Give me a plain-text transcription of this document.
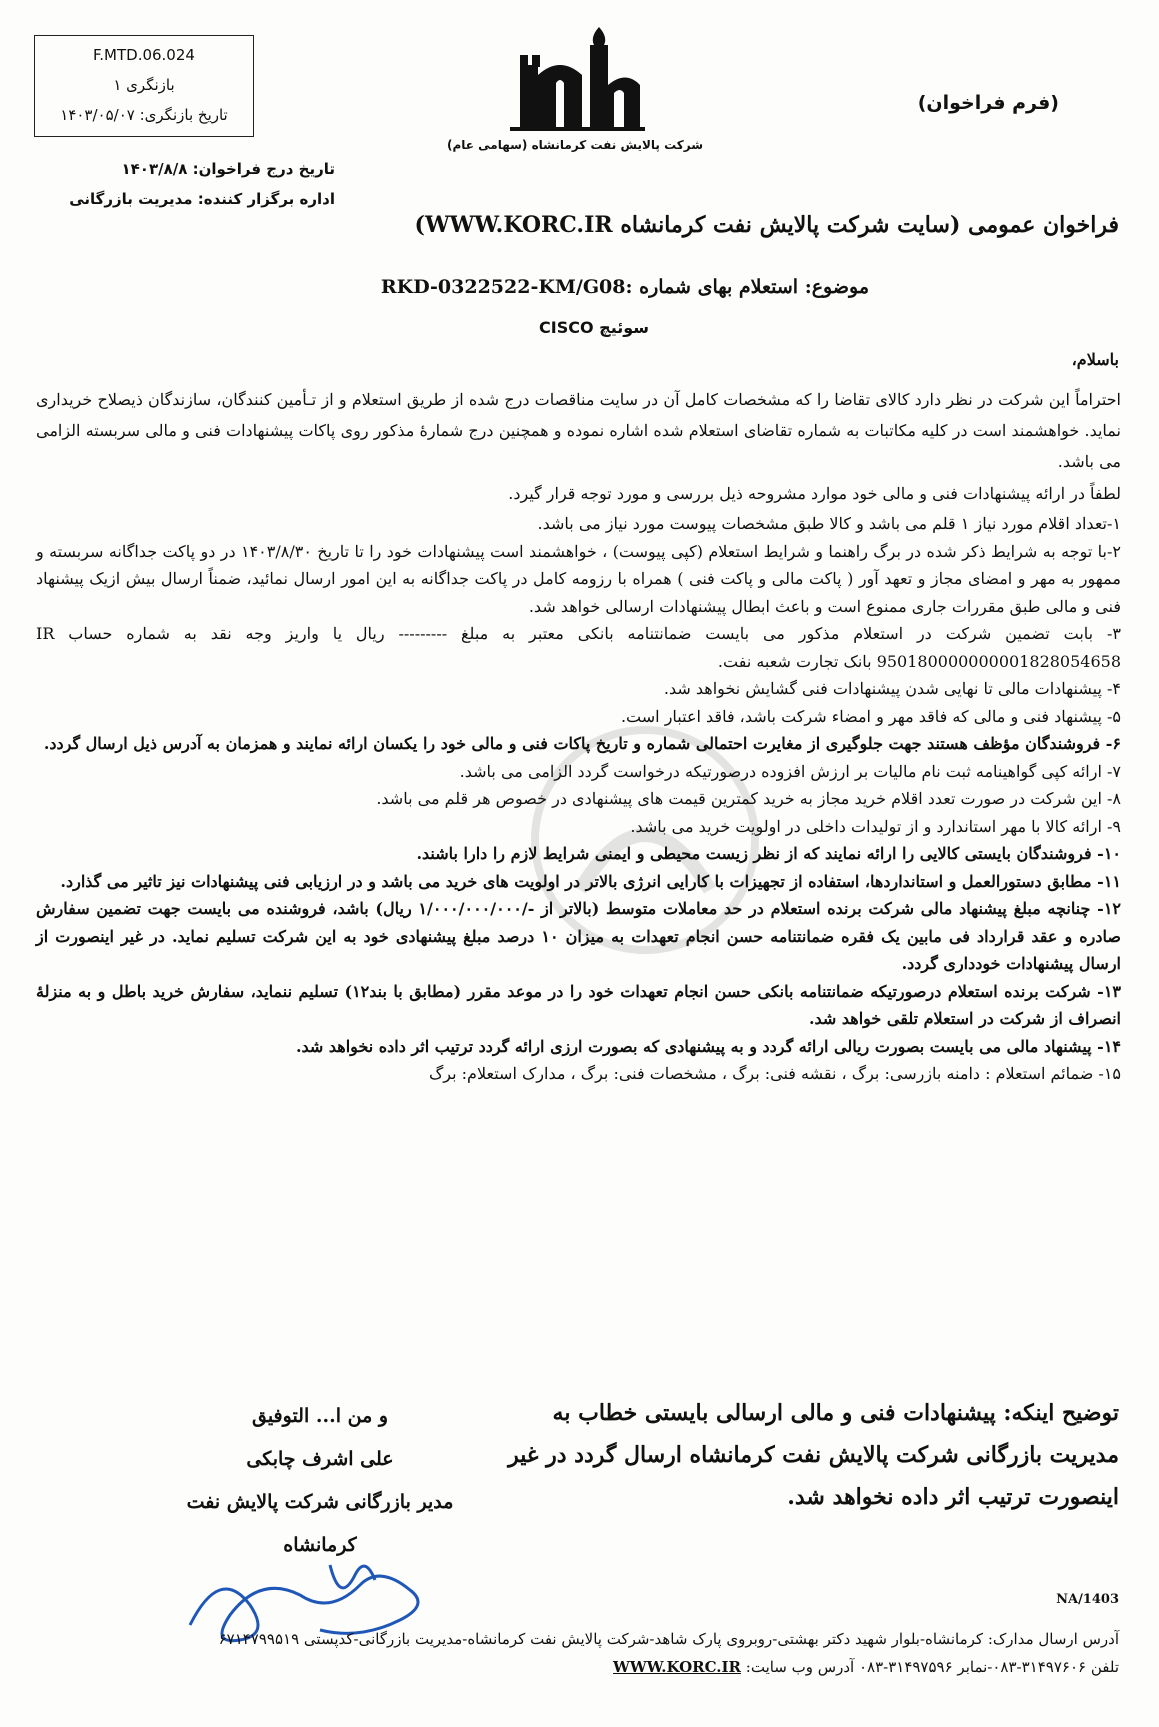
F.MTD.06.024
بازنگری ۱
تاریخ بازنگری: ۱۴۰۳/۰۵/۰۷
شرکت پالایش نفت کرمانشاه (سهامی عام)
(فرم فراخوان)
تاریخ درج فراخوان: ۱۴۰۳/۸/۸
اداره برگزار کننده: مدیریت بازرگانی
فراخوان عمومی (سایت شرکت پالایش نفت کرمانشاه WWW.KORC.IR)
موضوع: استعلام بهای شماره :RKD-0322522-KM/G08
سوئیچ CISCO
باسلام،
احتراماً این شرکت در نظر دارد کالای تقاضا را که مشخصات کامل آن در سایت مناقصات درج شده از طریق استعلام و از تـأمین کنندگان، سازندگان ذیصلاح خریداری نماید. خواهشمند است در کلیه مکاتبات به شماره تقاضای استعلام شده اشاره نموده و همچنین درج شمارۀ مذکور روی پاکات پیشنهادات فنی و مالی سربسته الزامی می باشد.
لطفاً در ارائه پیشنهادات فنی و مالی خود موارد مشروحه ذیل بررسی و مورد توجه قرار گیرد.

۱-تعداد اقلام مورد نیاز ۱ قلم می باشد و کالا طبق مشخصات پیوست مورد نیاز می باشد.

۲-با توجه به شرایط ذکر شده در برگ راهنما و شرایط استعلام (کپی پیوست) ، خواهشمند است پیشنهادات خود را تا تاریخ ۱۴۰۳/۸/۳۰ در دو پاکت جداگانه سربسته و ممهور به مهر و امضای مجاز و تعهد آور ( پاکت مالی و پاکت فنی ) همراه با رزومه کامل در پاکت جداگانه به این امور ارسال نمائید، ضمناً ارسال بیش ازیک پیشنهاد فنی و مالی طبق مقررات جاری ممنوع است و باعث ابطال پیشنهادات ارسالی خواهد شد.

۳- بابت تضمین شرکت در استعلام مذکور می بایست ضمانتنامه بانکی معتبر به مبلغ --------- ریال یا واریز وجه نقد به شماره حساب IR 950180000000001828054658 بانک تجارت شعبه نفت.

۴- پیشنهادات مالی تا نهایی شدن پیشنهادات فنی گشایش نخواهد شد.

۵- پیشنهاد فنی و مالی که فاقد مهر و امضاء شرکت باشد، فاقد اعتبار است.

۶- فروشندگان مؤظف هستند جهت جلوگیری از مغایرت احتمالی شماره و تاریخ پاکات فنی و مالی خود را یکسان ارائه نمایند و همزمان به آدرس ذیل ارسال گردد.

۷- ارائه کپی گواهینامه ثبت نام مالیات بر ارزش افزوده درصورتیکه درخواست گردد الزامی می باشد.

۸- این شرکت در صورت تعدد اقلام خرید مجاز به خرید کمترین قیمت های پیشنهادی در خصوص هر قلم می باشد.

۹- ارائه کالا با مهر استاندارد و از تولیدات داخلی در اولویت خرید می باشد.

۱۰- فروشندگان بایستی کالایی را ارائه نمایند که از نظر زیست محیطی و ایمنی شرایط لازم را دارا باشند.

۱۱- مطابق دستورالعمل و استانداردها، استفاده از تجهیزات با کارایی انرژی بالاتر در اولویت های خرید می باشد و در ارزیابی فنی پیشنهادات نیز تاثیر می گذارد.

۱۲- چنانچه مبلغ پیشنهاد مالی شرکت برنده استعلام در حد معاملات متوسط (بالاتر از -/۱/۰۰۰/۰۰۰/۰۰۰ ریال) باشد، فروشنده می بایست جهت تضمین سفارش صادره و عقد قرارداد فی مابین یک فقره ضمانتنامه حسن انجام تعهدات به میزان ۱۰ درصد مبلغ پیشنهادی خود به این شرکت تسلیم نماید. در غیر اینصورت از ارسال پیشنهادات خودداری گردد.

۱۳- شرکت برنده استعلام درصورتیکه ضمانتنامه بانکی حسن انجام تعهدات خود را در موعد مقرر (مطابق با بند۱۲) تسلیم ننماید، سفارش خرید باطل و به منزلۀ انصراف از شرکت در استعلام تلقی خواهد شد.

۱۴- پیشنهاد مالی می بایست بصورت ریالی ارائه گردد و به پیشنهادی که بصورت ارزی ارائه گردد ترتیب اثر داده نخواهد شد.

۱۵- ضمائم استعلام : دامنه بازرسی: برگ ، نقشه فنی: برگ ، مشخصات فنی: برگ ، مدارک استعلام: برگ

توضیح اینکه: پیشنهادات فنی و مالی ارسالی بایستی خطاب به مدیریت بازرگانی شرکت پالایش نفت کرمانشاه ارسال گردد در غیر اینصورت ترتیب اثر داده نخواهد شد.
و من ا... التوفیق
علی اشرف چابکی
مدیر بازرگانی شرکت پالایش نفت کرمانشاه
NA/1403
آدرس ارسال مدارک: کرمانشاه-بلوار شهید دکتر بهشتی-روبروی پارک شاهد-شرکت پالایش نفت کرمانشاه-مدیریت بازرگانی-کدپستی ۶۷۱۴۷۹۹۵۱۹
تلفن ۳۱۴۹۷۶۰۶-۰۸۳-نمابر ۳۱۴۹۷۵۹۶-۰۸۳ آدرس وب سایت: WWW.KORC.IR
